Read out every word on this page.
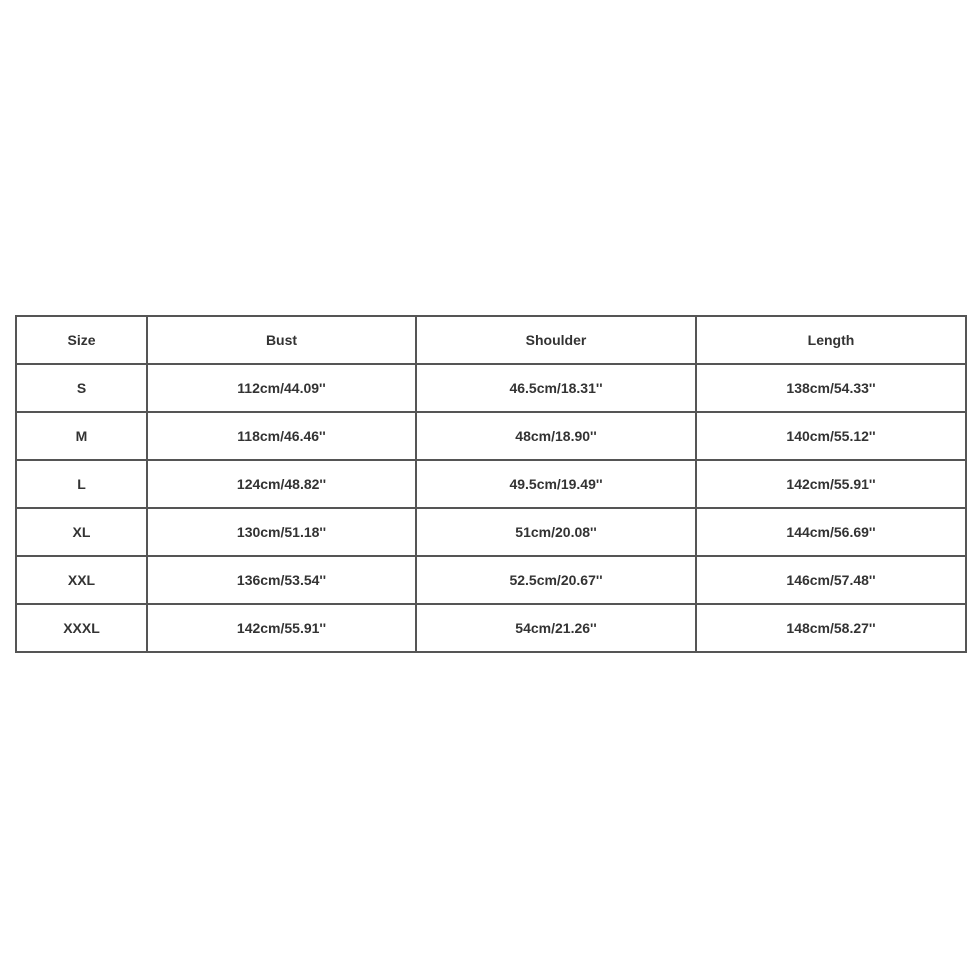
Size	Bust	Shoulder	Length
S	112cm/44.09''	46.5cm/18.31''	138cm/54.33''
M	118cm/46.46''	48cm/18.90''	140cm/55.12''
L	124cm/48.82''	49.5cm/19.49''	142cm/55.91''
XL	130cm/51.18''	51cm/20.08''	144cm/56.69''
XXL	136cm/53.54''	52.5cm/20.67''	146cm/57.48''
XXXL	142cm/55.91''	54cm/21.26''	148cm/58.27''
